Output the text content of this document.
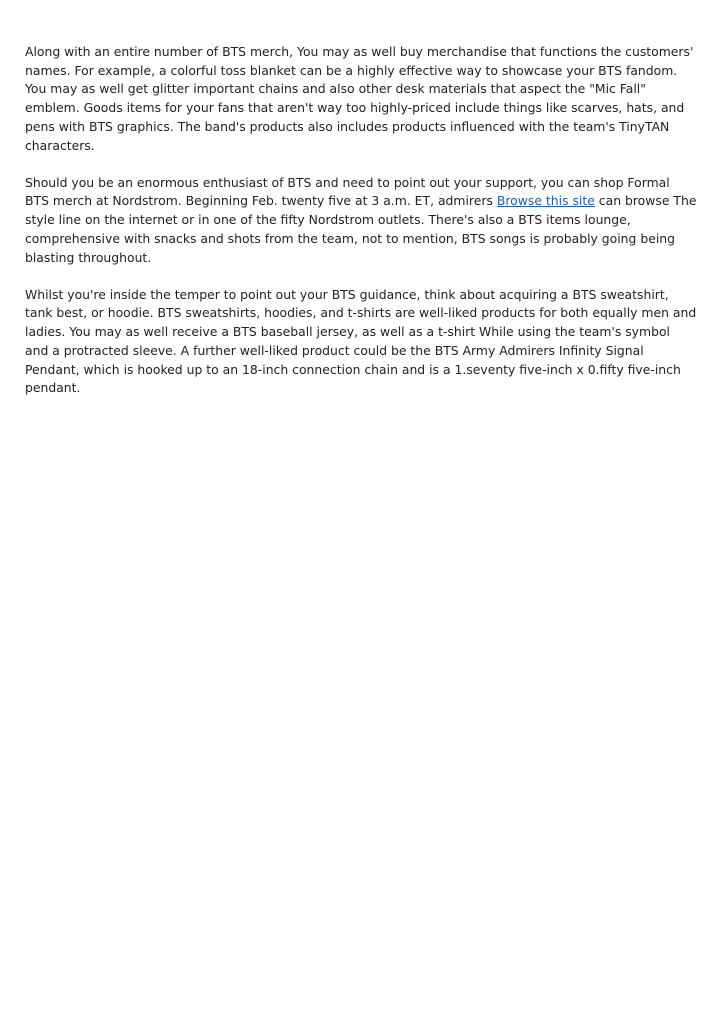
Along with an entire number of BTS merch, You may as well buy merchandise that functions the customers' names. For example, a colorful toss blanket can be a highly effective way to showcase your BTS fandom. You may as well get glitter important chains and also other desk materials that aspect the "Mic Fall" emblem. Goods items for your fans that aren't way too highly-priced include things like scarves, hats, and pens with BTS graphics. The band's products also includes products influenced with the team's TinyTAN characters.

Should you be an enormous enthusiast of BTS and need to point out your support, you can shop Formal BTS merch at Nordstrom. Beginning Feb. twenty five at 3 a.m. ET, admirers Browse this site can browse The style line on the internet or in one of the fifty Nordstrom outlets. There's also a BTS items lounge, comprehensive with snacks and shots from the team, not to mention, BTS songs is probably going being blasting throughout.

Whilst you're inside the temper to point out your BTS guidance, think about acquiring a BTS sweatshirt, tank best, or hoodie. BTS sweatshirts, hoodies, and t-shirts are well-liked products for both equally men and ladies. You may as well receive a BTS baseball jersey, as well as a t-shirt While using the team's symbol and a protracted sleeve. A further well-liked product could be the BTS Army Admirers Infinity Signal Pendant, which is hooked up to an 18-inch connection chain and is a 1.seventy five-inch x 0.fifty five-inch pendant.
